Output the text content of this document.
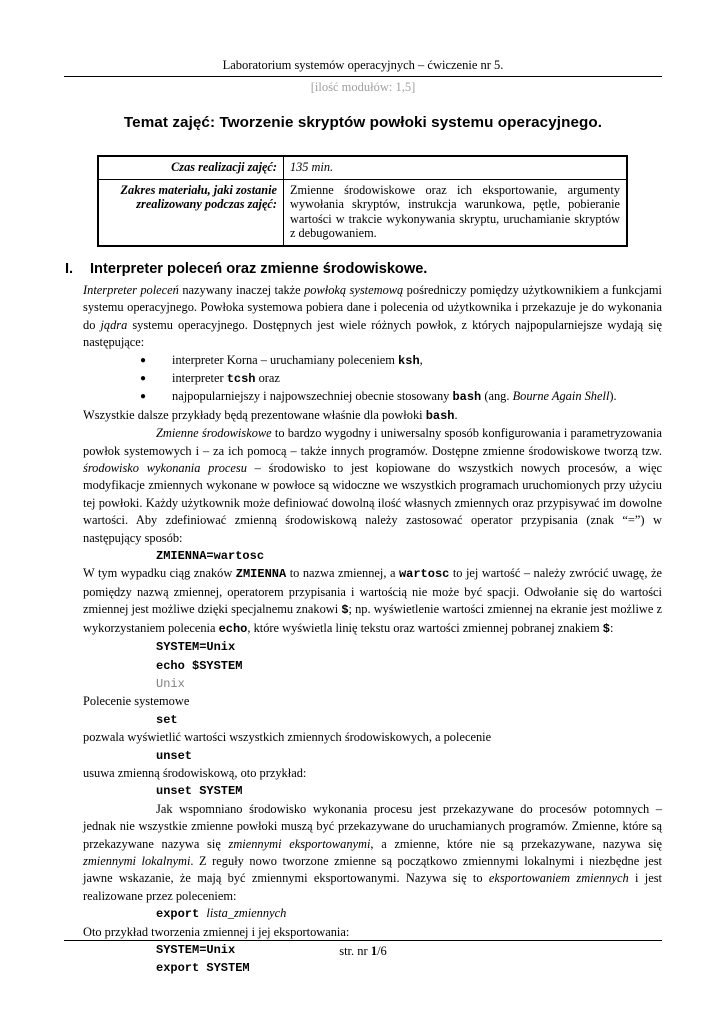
Laboratorium systemów operacyjnych – ćwiczenie nr 5.
[ilość modułów: 1,5]
Temat zajęć: Tworzenie skryptów powłoki systemu operacyjnego.
Czas realizacji zajęć:	135 min.
Zakres materiału, jaki zostanie zrealizowany podczas zajęć:	Zmienne środowiskowe oraz ich eksportowanie, argumenty wywołania skryptów, instrukcja warunkowa, pętle, pobieranie wartości w trakcie wykonywania skryptu, uruchamianie skryptów z debugowaniem.
I.	Interpreter poleceń oraz zmienne środowiskowe.
Interpreter poleceń nazywany inaczej także powłoką systemową pośredniczy pomiędzy użytkownikiem a funkcjami systemu operacyjnego. Powłoka systemowa pobiera dane i polecenia od użytkownika i przekazuje je do wykonania do jądra systemu operacyjnego. Dostępnych jest wiele różnych powłok, z których najpopularniejsze wydają się następujące:
● interpreter Korna – uruchamiany poleceniem ksh,
● interpreter tcsh oraz
● najpopularniejszy i najpowszechniej obecnie stosowany bash (ang. Bourne Again Shell).
Wszystkie dalsze przykłady będą prezentowane właśnie dla powłoki bash.
Zmienne środowiskowe to bardzo wygodny i uniwersalny sposób konfigurowania i parametryzowania powłok systemowych i – za ich pomocą – także innych programów. Dostępne zmienne środowiskowe tworzą tzw. środowisko wykonania procesu – środowisko to jest kopiowane do wszystkich nowych procesów, a więc modyfikacje zmiennych wykonane w powłoce są widoczne we wszystkich programach uruchomionych przy użyciu tej powłoki. Każdy użytkownik może definiować dowolną ilość własnych zmiennych oraz przypisywać im dowolne wartości. Aby zdefiniować zmienną środowiskową należy zastosować operator przypisania (znak “=”) w następujący sposób:
ZMIENNA=wartosc
W tym wypadku ciąg znaków ZMIENNA to nazwa zmiennej, a wartosc to jej wartość – należy zwrócić uwagę, że pomiędzy nazwą zmiennej, operatorem przypisania i wartością nie może być spacji. Odwołanie się do wartości zmiennej jest możliwe dzięki specjalnemu znakowi $; np. wyświetlenie wartości zmiennej na ekranie jest możliwe z wykorzystaniem polecenia echo, które wyświetla linię tekstu oraz wartości zmiennej pobranej znakiem $:
SYSTEM=Unix
echo $SYSTEM
Unix
Polecenie systemowe
set
pozwala wyświetlić wartości wszystkich zmiennych środowiskowych, a polecenie
unset
usuwa zmienną środowiskową, oto przykład:
unset SYSTEM
Jak wspomniano środowisko wykonania procesu jest przekazywane do procesów potomnych – jednak nie wszystkie zmienne powłoki muszą być przekazywane do uruchamianych programów. Zmienne, które są przekazywane nazywa się zmiennymi eksportowanymi, a zmienne, które nie są przekazywane, nazywa się zmiennymi lokalnymi. Z reguły nowo tworzone zmienne są początkowo zmiennymi lokalnymi i niezbędne jest jawne wskazanie, że mają być zmiennymi eksportowanymi. Nazywa się to eksportowaniem zmiennych i jest realizowane przez poleceniem:
export lista_zmiennych
Oto przykład tworzenia zmiennej i jej eksportowania:
SYSTEM=Unix
export SYSTEM
str. nr 1/6
